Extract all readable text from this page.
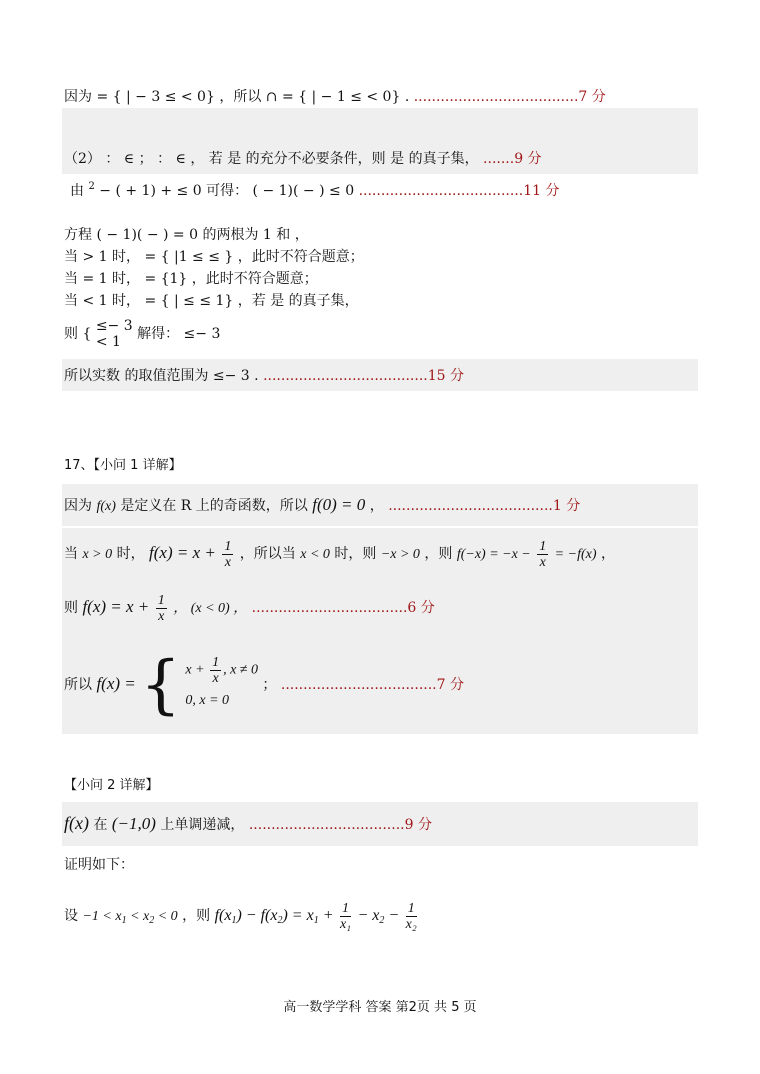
因为 = { | − 3 ≤ < 0} ，所以 ∩ = { | − 1 ≤ < 0} . .....................................7 分
（2） ： ∈ ； ： ∈ ， 若 是 的充分不必要条件，则 是 的真子集， .......9 分
由 $^2$ − ( + 1) + ≤ 0 可得： ( − 1)( − ) ≤ 0 .....................................11 分
方程 ( − 1)( − ) = 0 的两根为 1 和 ，
当 > 1 时， = { |1 ≤ ≤ } ，此时不符合题意；
当 = 1 时， = {1} ，此时不符合题意；
当 < 1 时， = { | ≤ ≤ 1} ，若 是 的真子集，
则 { ≤− 3
< 1	解得： ≤− 3
所以实数 的取值范围为 ≤− 3 . .....................................15 分
17、【小问 1 详解】
因为 f(x) 是定义在 R 上的奇函数，所以 f(0) = 0 ， .....................................1 分
当 x > 0 时， $f(x) = x + \frac{1}{x}$ ，所以当 x < 0 时，则 −x > 0 ，则 $f(-x) = -x - \frac{1}{x} = -f(x)$ ，
则 $f(x) = x + \frac{1}{x}$ ， (x < 0) ， ...................................6 分
所以 f(x) = { $x + \frac{1}{x}$ , x ≠ 0
0, x = 0
； ...................................7 分
【小问 2 详解】
f(x) 在 (−1,0) 上单调递减， ...................................9 分
证明如下：
设 $-1 < x_1 < x_2 < 0$ ，则 $f(x_1) - f(x_2) = x_1 + \frac{1}{\text{x₁}} - x_2 - \frac{1}{\text{x₂}}$
高一数学学科 答案 第2页 共 5 页
